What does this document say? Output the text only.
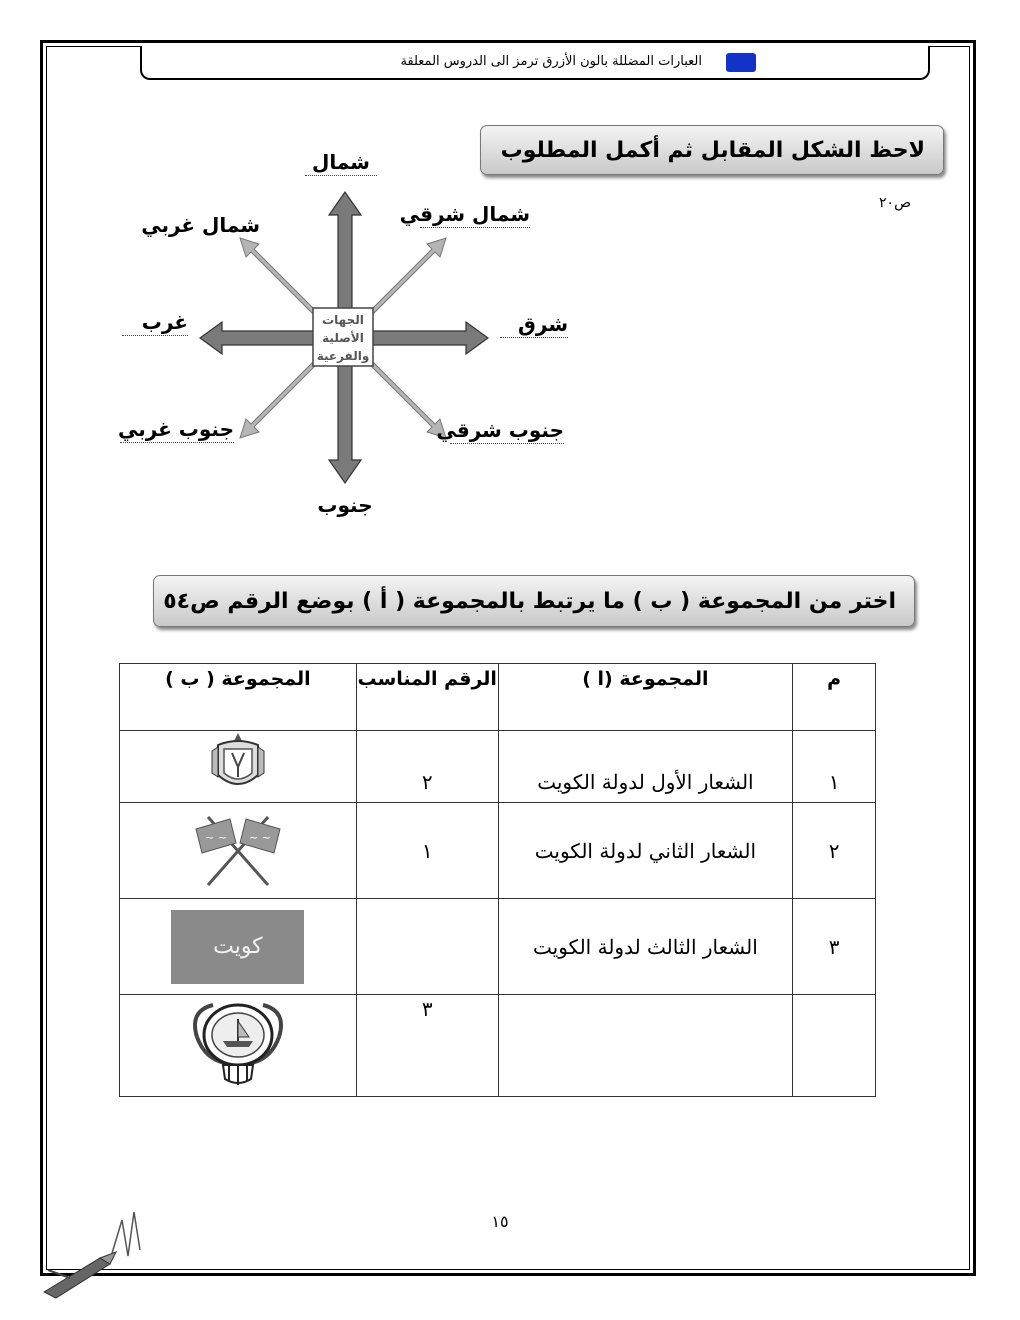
العبارات المضللة بالون الأزرق ترمز الى الدروس المعلقة
لاحظ الشكل المقابل ثم أكمل المطلوب ص٢٠
الجهات
الأصلية
والفرعية
شمال
جنوب
شرق
غرب
شمال شرقي
شمال غربي
جنوب شرقي
جنوب غربي
اختر من المجموعة ( ب ) ما يرتبط بالمجموعة ( أ ) بوضع الرقم ص٥٤
م	المجموعة (ا )	الرقم المناسب	المجموعة ( ب )
١	الشعار الأول لدولة الكويت	٢	
٢	الشعار الثاني لدولة الكويت	١	~ ~ ~ ~

٣	الشعار الثالث لدولة الكويت		كويت

		٣	
١٥
